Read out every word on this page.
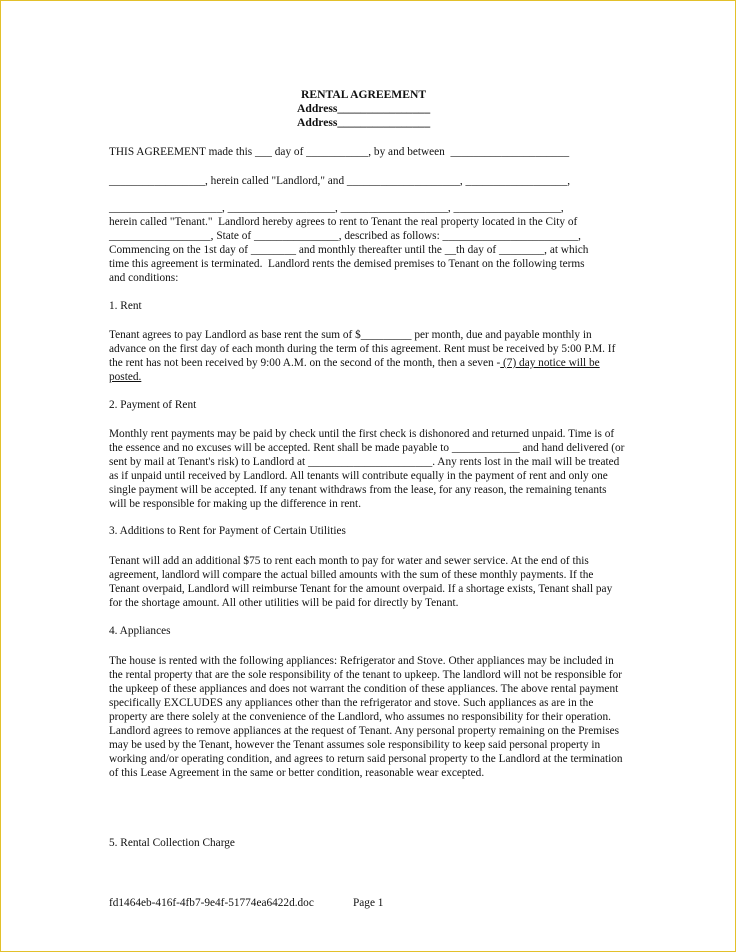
RENTAL AGREEMENT
Address________________
Address________________
THIS AGREEMENT made this ___ day of ___________, by and between  _____________________
_________________, herein called "Landlord," and ____________________, __________________,
____________________, ___________________, ___________________, ___________________,
herein called "Tenant."  Landlord hereby agrees to rent to Tenant the real property located in the City of
__________________, State of _______________, described as follows: ________________________,
Commencing on the 1st day of ________ and monthly thereafter until the __th day of ________, at which
time this agreement is terminated.  Landlord rents the demised premises to Tenant on the following terms
and conditions:
1. Rent
Tenant agrees to pay Landlord as base rent the sum of $_________ per month, due and payable monthly in advance on the first day of each month during the term of this agreement. Rent must be received by 5:00 P.M. If the rent has not been received by 9:00 A.M. on the second of the month, then a seven - (7) day notice will be posted.
2. Payment of Rent
Monthly rent payments may be paid by check until the first check is dishonored and returned unpaid. Time is of the essence and no excuses will be accepted. Rent shall be made payable to ____________ and hand delivered (or sent by mail at Tenant's risk) to Landlord at ______________________. Any rents lost in the mail will be treated as if unpaid until received by Landlord. All tenants will contribute equally in the payment of rent and only one single payment will be accepted. If any tenant withdraws from the lease, for any reason, the remaining tenants will be responsible for making up the difference in rent.
3. Additions to Rent for Payment of Certain Utilities
Tenant will add an additional $75 to rent each month to pay for water and sewer service. At the end of this agreement, landlord will compare the actual billed amounts with the sum of these monthly payments. If the Tenant overpaid, Landlord will reimburse Tenant for the amount overpaid. If a shortage exists, Tenant shall pay for the shortage amount. All other utilities will be paid for directly by Tenant.
4. Appliances
The house is rented with the following appliances: Refrigerator and Stove. Other appliances may be included in the rental property that are the sole responsibility of the tenant to upkeep. The landlord will not be responsible for the upkeep of these appliances and does not warrant the condition of these appliances. The above rental payment specifically EXCLUDES any appliances other than the refrigerator and stove. Such appliances as are in the property are there solely at the convenience of the Landlord, who assumes no responsibility for their operation. Landlord agrees to remove appliances at the request of Tenant. Any personal property remaining on the Premises may be used by the Tenant, however the Tenant assumes sole responsibility to keep said personal property in working and/or operating condition, and agrees to return said personal property to the Landlord at the termination of this Lease Agreement in the same or better condition, reasonable wear excepted.
5. Rental Collection Charge
fd1464eb-416f-4fb7-9e4f-51774ea6422d.doc	Page 1
